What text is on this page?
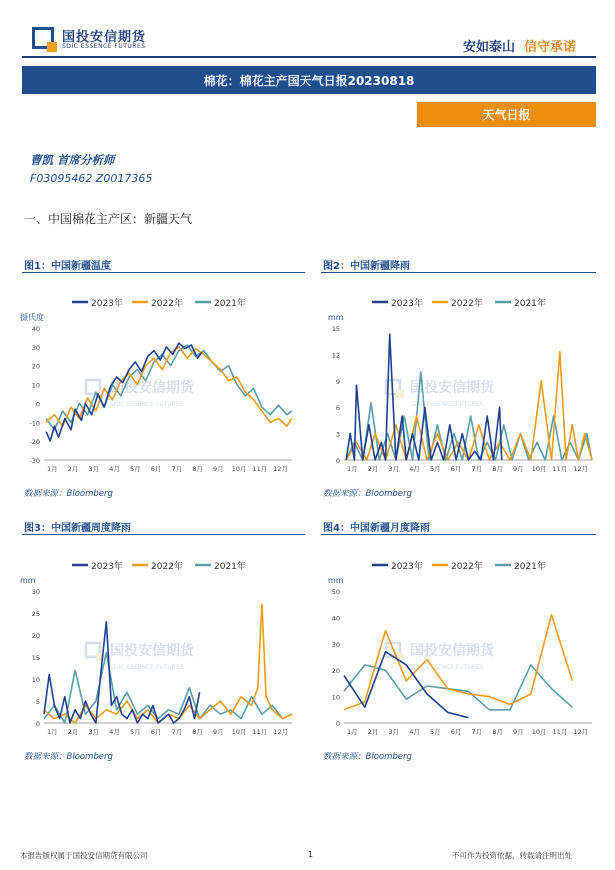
国投安信期货
SDIC ESSENCE FUTURES	安如泰山 信守承诺
棉花：棉花主产国天气日报20230818
天气日报
曹凯 首席分析师
F03095462 Z0017365
一、中国棉花主产区：新疆天气
图1：中国新疆温度	图2：中国新疆降雨
图3：中国新疆周度降雨	图4：中国新疆月度降雨
2023年	2022年	2021年
摄氏度
国投安信期货
SDIC ESSENCE FUTURES
-30
-20
-10
0
10
20
30
40
1月 2月 3月 4月 5月 6月 7月 8月 9月 10月 11月 12月
2023年	2022年	2021年
mm
国投安信期货
SDIC ESSENCE FUTURES
0
3
6
9
12
15
1月 2月 3月 4月 5月 6月 7月 8月 9月 10月 11月 12月
2023年	2022年	2021年
mm
国投安信期货
SDIC ESSENCE FUTURES
0
5
10
15
20
25
30
1月 2月 3月 4月 5月 6月 7月 8月 9月 10月 11月 12月
2023年	2022年	2021年
mm
国投安信期货
SDIC ESSENCE FUTURES
0
10
20
30
40
50
1月 2月 3月 4月 5月 6月 7月 8月 9月 10月 11月 12月
数据来源：Bloomberg	数据来源：Bloomberg
数据来源：Bloomberg	数据来源：Bloomberg
本报告版权属于国投安信期货有限公司	1	不可作为投资依据，转载请注明出处
